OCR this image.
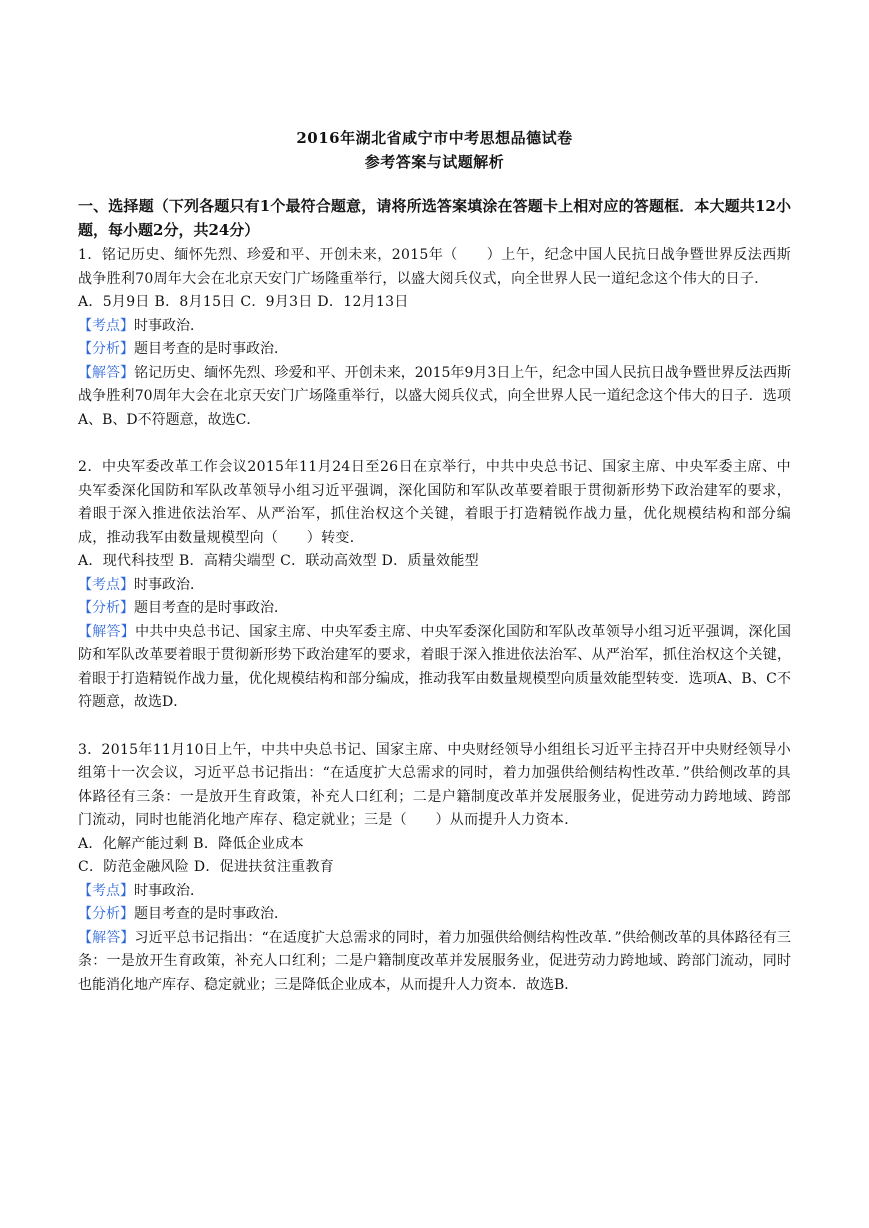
2016年湖北省咸宁市中考思想品德试卷
参考答案与试题解析
一、选择题（下列各题只有1个最符合题意，请将所选答案填涂在答题卡上相对应的答题框．本大题共12小题，每小题2分，共24分）
1．铭记历史、缅怀先烈、珍爱和平、开创未来，2015年（　　）上午，纪念中国人民抗日战争暨世界反法西斯战争胜利70周年大会在北京天安门广场隆重举行，以盛大阅兵仪式，向全世界人民一道纪念这个伟大的日子．
A．5月9日 B．8月15日 C．9月3日 D．12月13日
【考点】时事政治．
【分析】题目考查的是时事政治．
【解答】铭记历史、缅怀先烈、珍爱和平、开创未来，2015年9月3日上午，纪念中国人民抗日战争暨世界反法西斯战争胜利70周年大会在北京天安门广场隆重举行，以盛大阅兵仪式，向全世界人民一道纪念这个伟大的日子．选项A、B、D不符题意，故选C．
2．中央军委改革工作会议2015年11月24日至26日在京举行，中共中央总书记、国家主席、中央军委主席、中央军委深化国防和军队改革领导小组习近平强调，深化国防和军队改革要着眼于贯彻新形势下政治建军的要求，着眼于深入推进依法治军、从严治军，抓住治权这个关键，着眼于打造精锐作战力量，优化规模结构和部分编成，推动我军由数量规模型向（　　）转变．
A．现代科技型 B．高精尖端型 C．联动高效型 D．质量效能型
【考点】时事政治．
【分析】题目考查的是时事政治．
【解答】中共中央总书记、国家主席、中央军委主席、中央军委深化国防和军队改革领导小组习近平强调，深化国防和军队改革要着眼于贯彻新形势下政治建军的要求，着眼于深入推进依法治军、从严治军，抓住治权这个关键，着眼于打造精锐作战力量，优化规模结构和部分编成，推动我军由数量规模型向质量效能型转变．选项A、B、C不符题意，故选D．
3．2015年11月10日上午，中共中央总书记、国家主席、中央财经领导小组组长习近平主持召开中央财经领导小组第十一次会议，习近平总书记指出：“在适度扩大总需求的同时，着力加强供给侧结构性改革．”供给侧改革的具体路径有三条：一是放开生育政策，补充人口红利；二是户籍制度改革并发展服务业，促进劳动力跨地域、跨部门流动，同时也能消化地产库存、稳定就业；三是（　　）从而提升人力资本．
A．化解产能过剩 B．降低企业成本
C．防范金融风险 D．促进扶贫注重教育
【考点】时事政治．
【分析】题目考查的是时事政治．
【解答】习近平总书记指出：“在适度扩大总需求的同时，着力加强供给侧结构性改革．”供给侧改革的具体路径有三条：一是放开生育政策，补充人口红利；二是户籍制度改革并发展服务业，促进劳动力跨地域、跨部门流动，同时也能消化地产库存、稳定就业；三是降低企业成本，从而提升人力资本．故选B．
